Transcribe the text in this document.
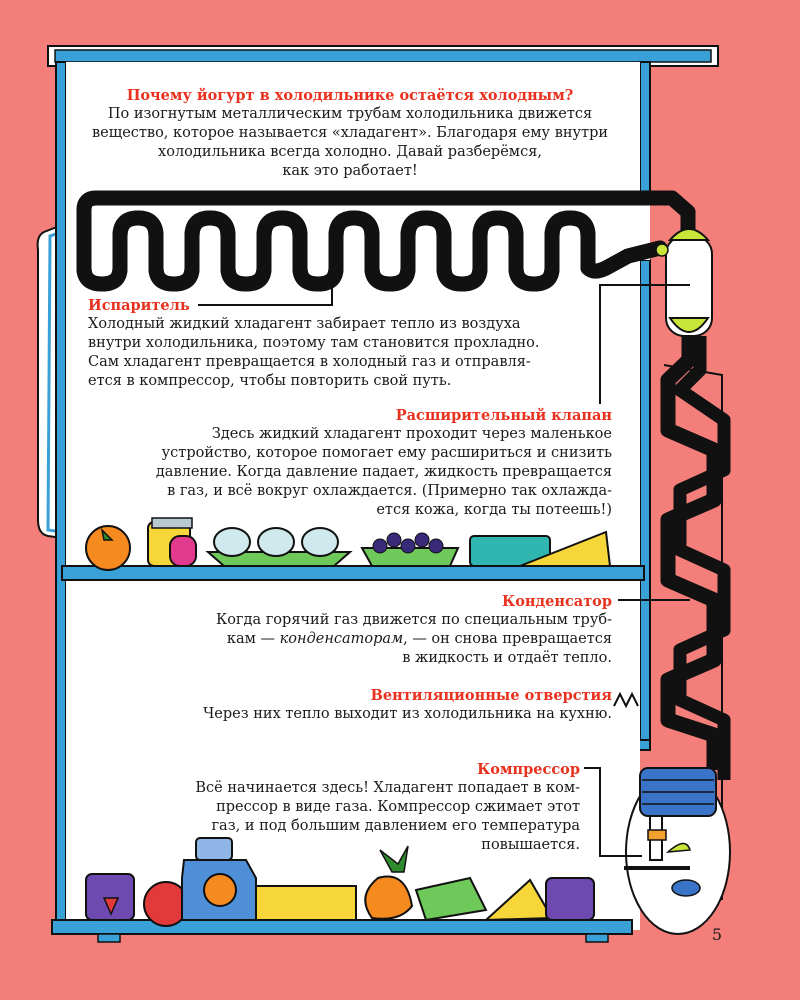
Почему йогурт в холодильнике остаётся холодным?
По изогнутым металлическим трубам холодильника движется
вещество, которое называется «хладагент». Благодаря ему внутри
холодильника всегда холодно. Давай разберёмся,
как это работает!
Испаритель
Холодный жидкий хладагент забирает тепло из воздуха
внутри холодильника, поэтому там становится прохладно.
Сам хладагент превращается в холодный газ и отправля-
ется в компрессор, чтобы повторить свой путь.
Расширительный клапан
Здесь жидкий хладагент проходит через маленькое
устройство, которое помогает ему расшириться и снизить
давление. Когда давление падает, жидкость превращается
в газ, и всё вокруг охлаждается. (Примерно так охлажда-
ется кожа, когда ты потеешь!)
Конденсатор
Когда горячий газ движется по специальным труб-
кам — конденсаторам, — он снова превращается
в жидкость и отдаёт тепло.
Вентиляционные отверстия
Через них тепло выходит из холодильника на кухню.
Компрессор
Всё начинается здесь! Хладагент попадает в ком-
прессор в виде газа. Компрессор сжимает этот
газ, и под большим давлением его температура
повышается.
5
